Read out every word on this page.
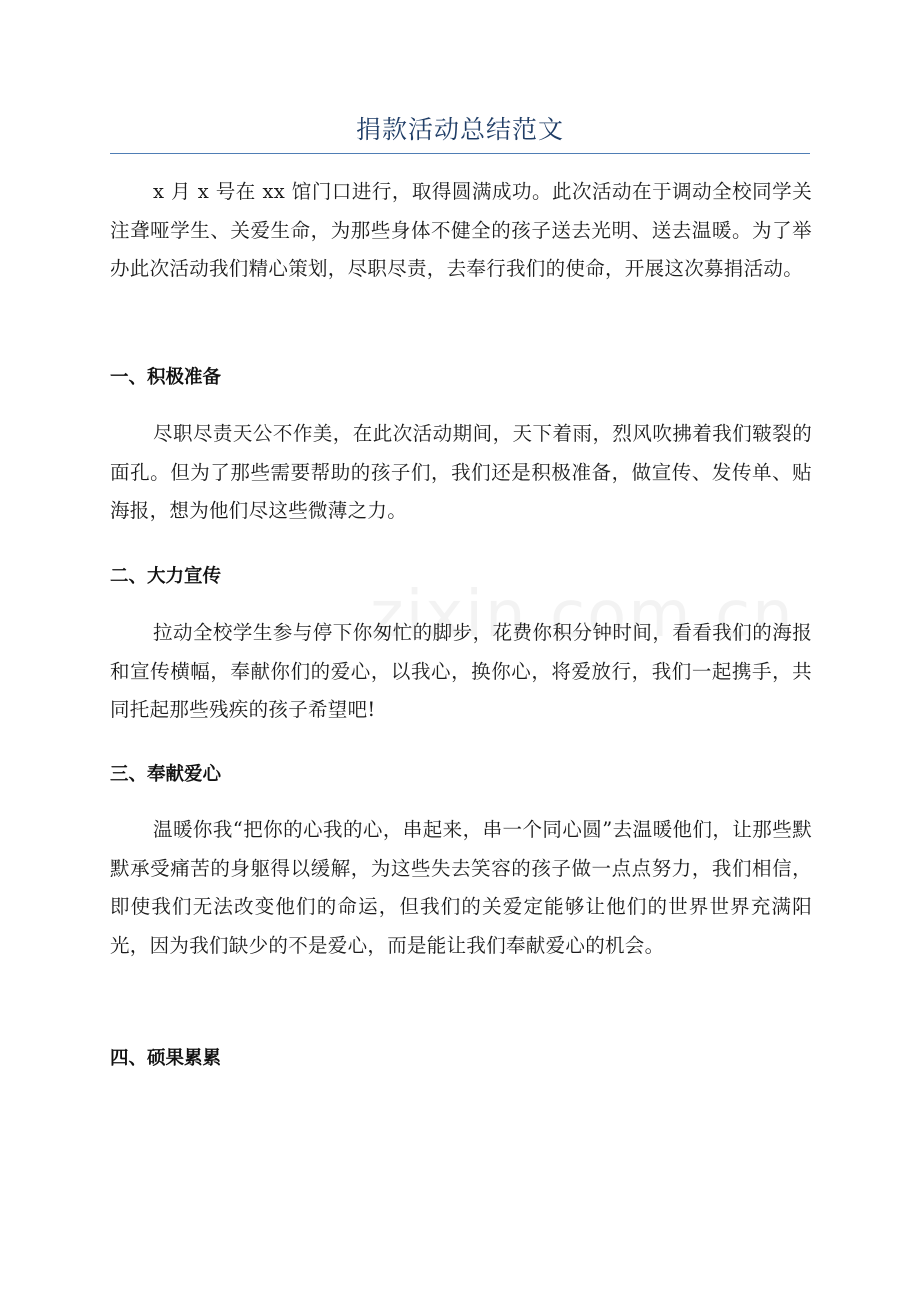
捐款活动总结范文
x 月 x 号在 xx 馆门口进行，取得圆满成功。此次活动在于调动全校同学关注聋哑学生、关爱生命，为那些身体不健全的孩子送去光明、送去温暖。为了举办此次活动我们精心策划，尽职尽责，去奉行我们的使命，开展这次募捐活动。
一、积极准备
尽职尽责天公不作美，在此次活动期间，天下着雨，烈风吹拂着我们皲裂的面孔。但为了那些需要帮助的孩子们，我们还是积极准备，做宣传、发传单、贴海报，想为他们尽这些微薄之力。
二、大力宣传
拉动全校学生参与停下你匆忙的脚步，花费你积分钟时间，看看我们的海报和宣传横幅，奉献你们的爱心，以我心，换你心，将爱放行，我们一起携手，共同托起那些残疾的孩子希望吧!
三、奉献爱心
温暖你我“把你的心我的心，串起来，串一个同心圆”去温暖他们，让那些默默承受痛苦的身躯得以缓解，为这些失去笑容的孩子做一点点努力，我们相信，即使我们无法改变他们的命运，但我们的关爱定能够让他们的世界世界充满阳光，因为我们缺少的不是爱心，而是能让我们奉献爱心的机会。
四、硕果累累
